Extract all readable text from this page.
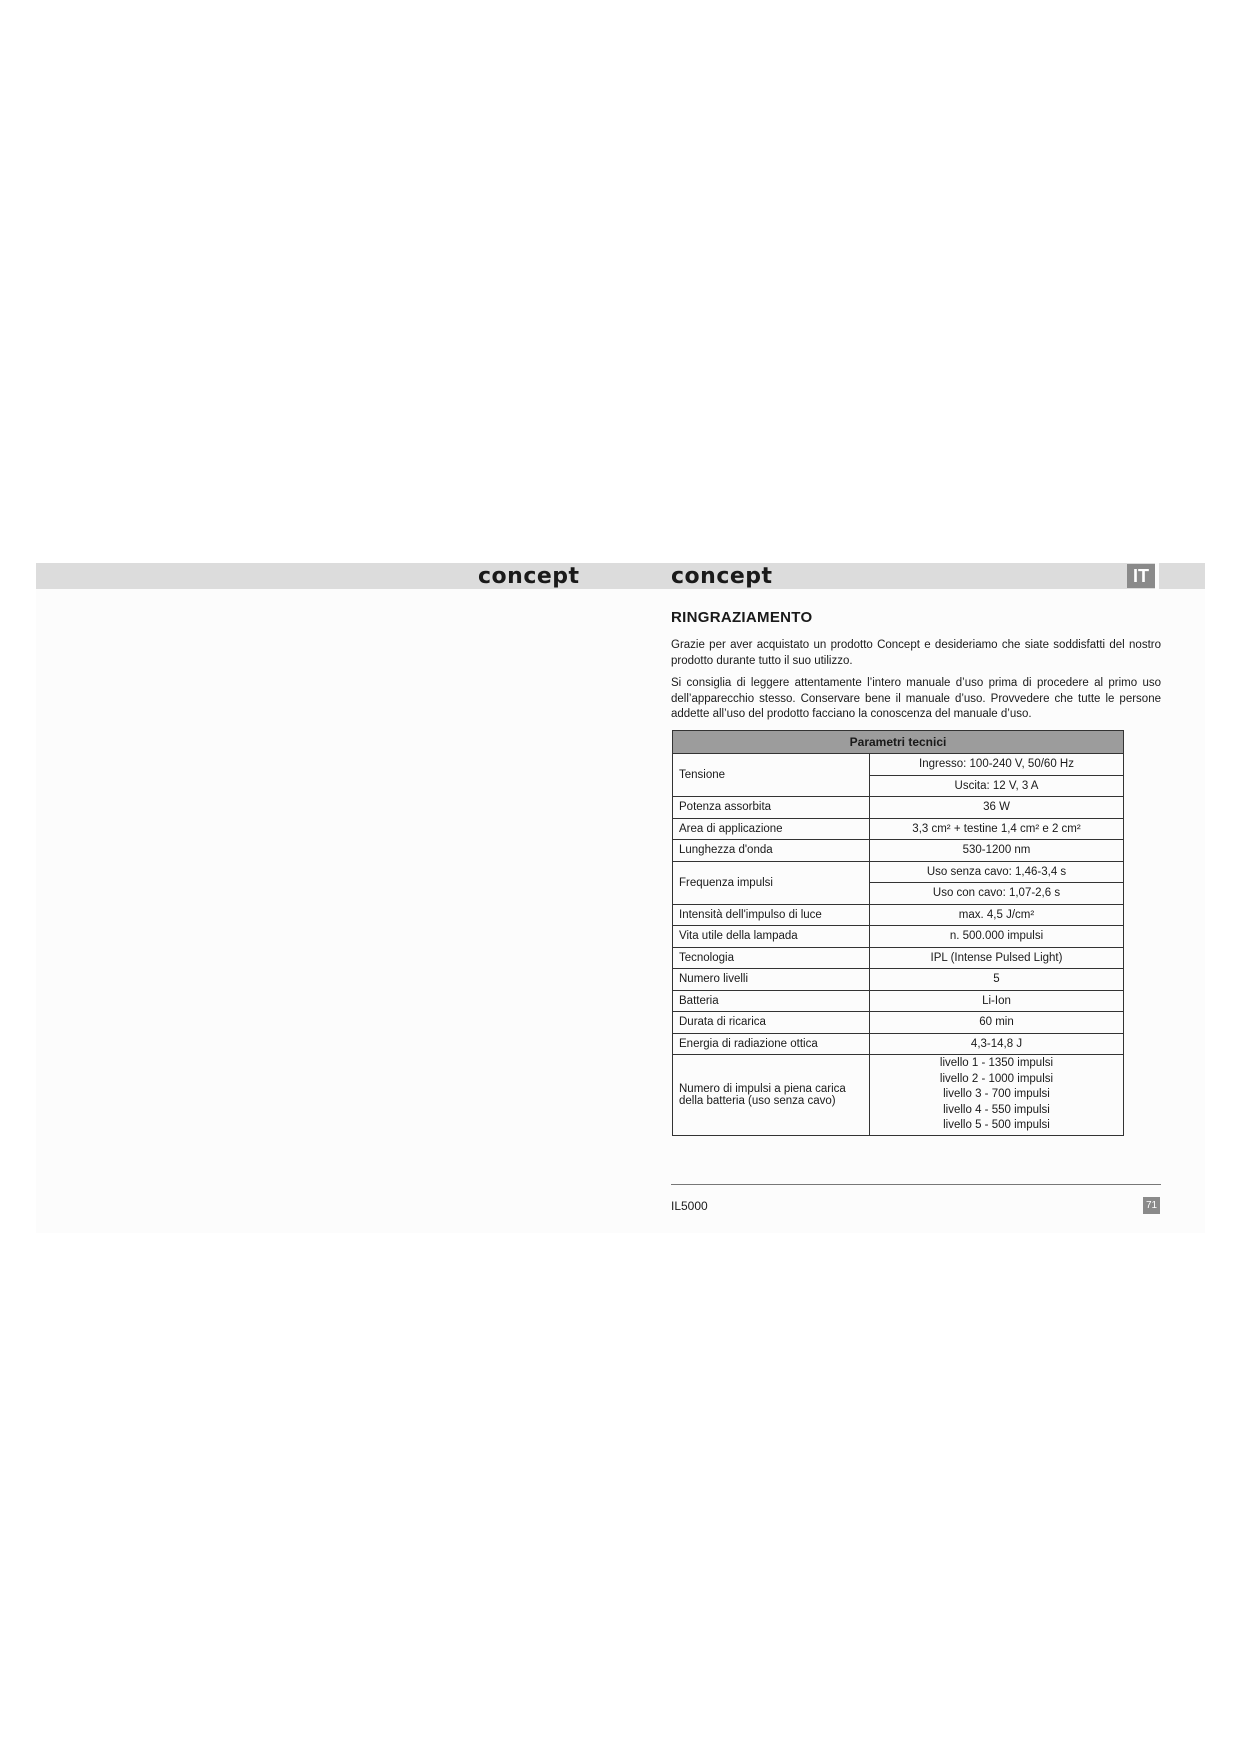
concept	concept	IT
RINGRAZIAMENTO

Grazie per aver acquistato un prodotto Concept e desideriamo che siate soddisfatti del nostro prodotto durante tutto il suo utilizzo.

Si consiglia di leggere attentamente l’intero manuale d’uso prima di procedere al primo uso dell’apparecchio stesso. Conservare bene il manuale d’uso. Provvedere che tutte le persone addette all’uso del prodotto facciano la conoscenza del manuale d’uso.

Parametri tecnici	
Tensione	Ingresso: 100-240 V, 50/60 Hz
	Uscita: 12 V, 3 A
Potenza assorbita	36 W
Area di applicazione	3,3 cm² + testine 1,4 cm² e 2 cm²
Lunghezza d'onda	530-1200 nm
Frequenza impulsi	Uso senza cavo: 1,46-3,4 s
	Uso con cavo: 1,07-2,6 s
Intensità dell'impulso di luce	max. 4,5 J/cm²
Vita utile della lampada	n. 500.000 impulsi
Tecnologia	IPL (Intense Pulsed Light)
Numero livelli	5
Batteria	Li-Ion
Durata di ricarica	60 min
Energia di radiazione ottica	4,3-14,8 J
Numero di impulsi a piena carica della batteria (uso senza cavo)	livello 1 - 1350 impulsi
livello 2 - 1000 impulsi
livello 3 - 700 impulsi
livello 4 - 550 impulsi
livello 5 - 500 impulsi
IL5000	71
